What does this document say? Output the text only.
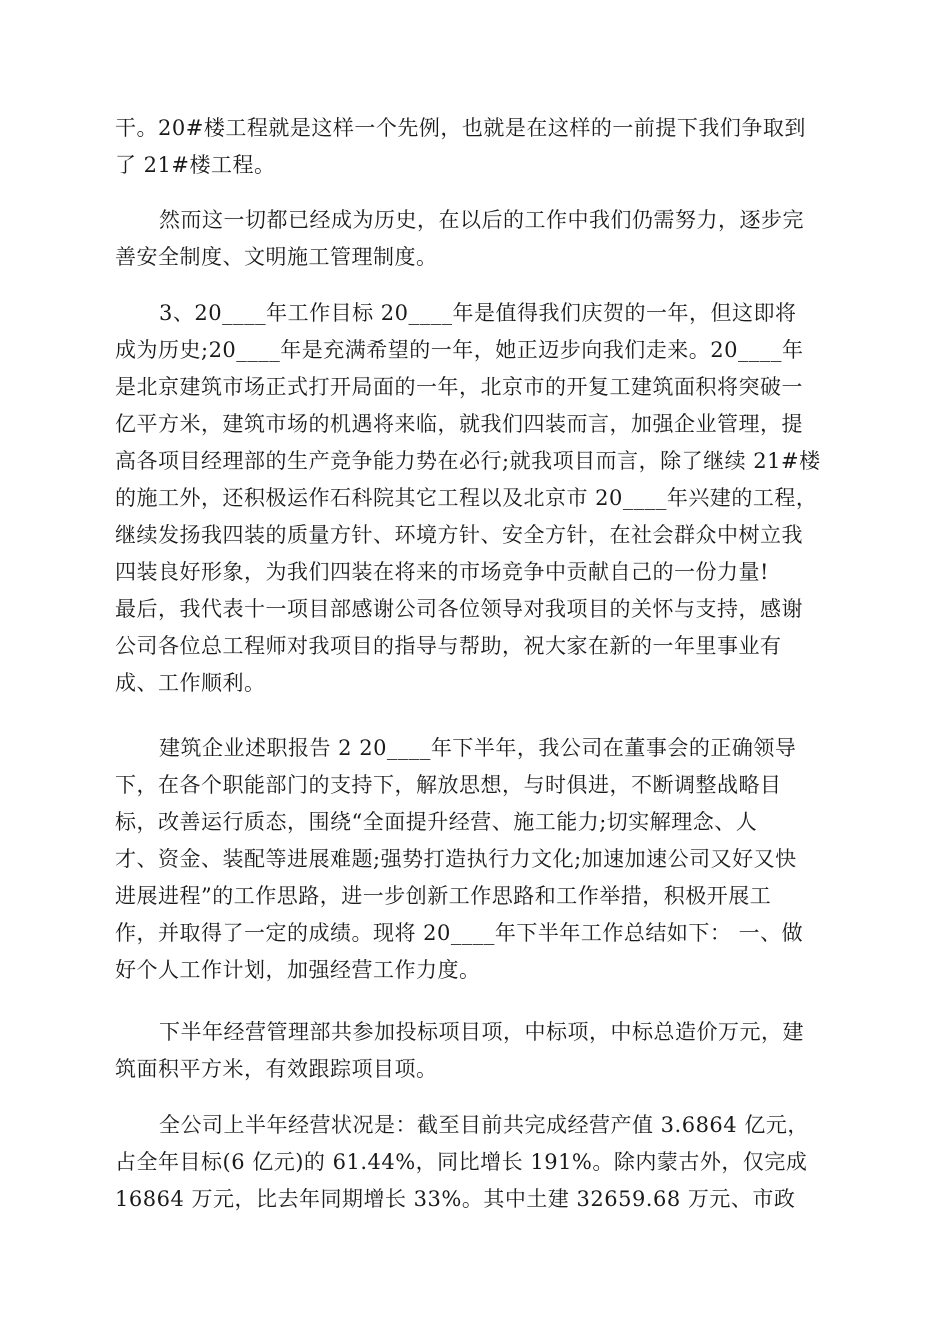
干。20#楼工程就是这样一个先例，也就是在这样的一前提下我们争取到
了 21#楼工程。
然而这一切都已经成为历史，在以后的工作中我们仍需努力，逐步完
善安全制度、文明施工管理制度。
3、20____年工作目标 20____年是值得我们庆贺的一年，但这即将
成为历史;20____年是充满希望的一年，她正迈步向我们走来。20____年
是北京建筑市场正式打开局面的一年，北京市的开复工建筑面积将突破一
亿平方米，建筑市场的机遇将来临，就我们四装而言，加强企业管理，提
高各项目经理部的生产竞争能力势在必行;就我项目而言，除了继续 21#楼
的施工外，还积极运作石科院其它工程以及北京市 20____年兴建的工程，
继续发扬我四装的质量方针、环境方针、安全方针，在社会群众中树立我
四装良好形象，为我们四装在将来的市场竞争中贡献自己的一份力量!
最后，我代表十一项目部感谢公司各位领导对我项目的关怀与支持，感谢
公司各位总工程师对我项目的指导与帮助，祝大家在新的一年里事业有
成、工作顺利。
建筑企业述职报告 2 20____年下半年，我公司在董事会的正确领导
下，在各个职能部门的支持下，解放思想，与时俱进，不断调整战略目
标，改善运行质态，围绕“全面提升经营、施工能力;切实解理念、人
才、资金、装配等进展难题;强势打造执行力文化;加速加速公司又好又快
进展进程”的工作思路，进一步创新工作思路和工作举措，积极开展工
作，并取得了一定的成绩。现将 20____年下半年工作总结如下： 一、做
好个人工作计划，加强经营工作力度。
下半年经营管理部共参加投标项目项，中标项，中标总造价万元，建
筑面积平方米，有效跟踪项目项。
全公司上半年经营状况是：截至目前共完成经营产值 3.6864 亿元，
占全年目标(6 亿元)的 61.44%，同比增长 191%。除内蒙古外，仅完成
16864 万元，比去年同期增长 33%。其中土建 32659.68 万元、市政
